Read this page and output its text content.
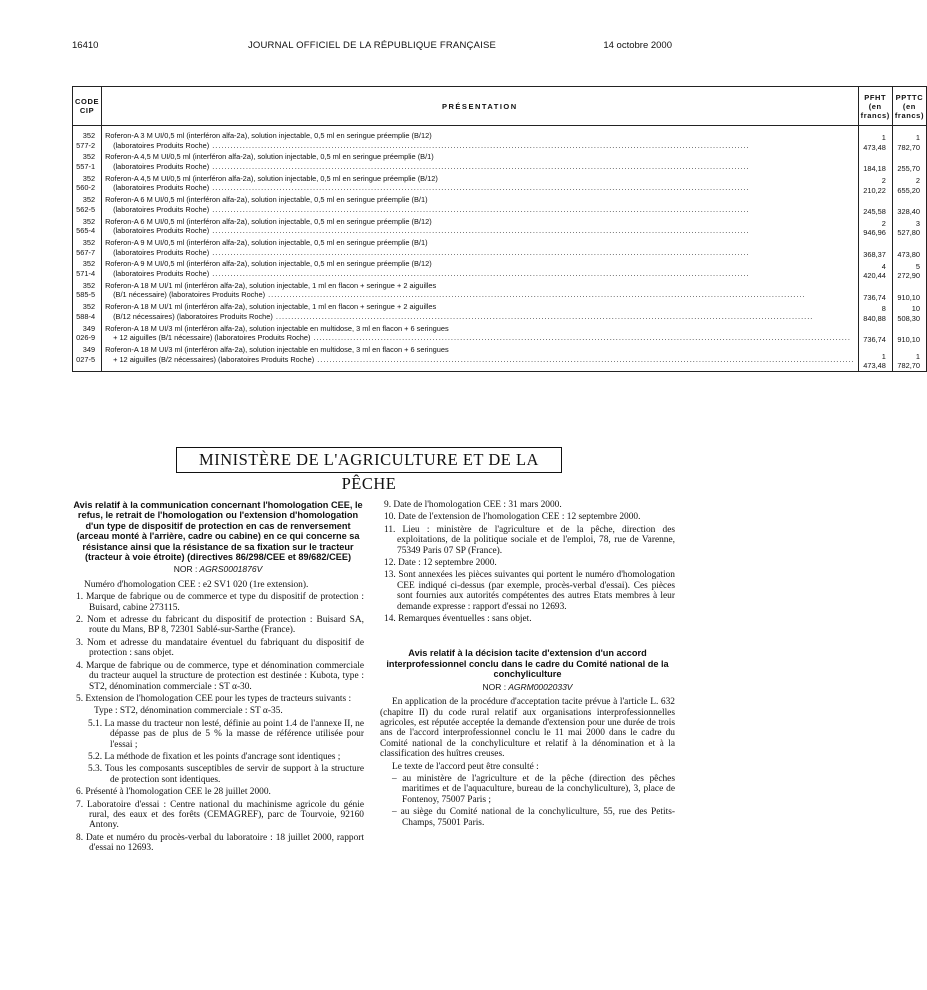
16410	JOURNAL OFFICIEL DE LA RÉPUBLIQUE FRANÇAISE	14 octobre 2000
CODE CIP	PRÉSENTATION	PFHT (en francs)	PPTTC (en francs)
352 577-2	Roferon-A 3 M UI/0,5 ml (interféron alfa-2a), solution injectable, 0,5 ml en seringue préemplie (B/12)
(laboratoires Produits Roche) .....	1 473,48	1 782,70
352 557-1	Roferon-A 4,5 M UI/0,5 ml (interféron alfa-2a), solution injectable, 0,5 ml en seringue préemplie (B/1)
(laboratoires Produits Roche) .....	184,18	255,70
352 560-2	Roferon-A 4,5 M UI/0,5 ml (interféron alfa-2a), solution injectable, 0,5 ml en seringue préemplie (B/12)
(laboratoires Produits Roche) .....	2 210,22	2 655,20
352 562-5	Roferon-A 6 M UI/0,5 ml (interféron alfa-2a), solution injectable, 0,5 ml en seringue préemplie (B/1)
(laboratoires Produits Roche) .....	245,58	328,40
352 565-4	Roferon-A 6 M UI/0,5 ml (interféron alfa-2a), solution injectable, 0,5 ml en seringue préemplie (B/12)
(laboratoires Produits Roche) .....	2 946,96	3 527,80
352 567-7	Roferon-A 9 M UI/0,5 ml (interféron alfa-2a), solution injectable, 0,5 ml en seringue préemplie (B/1)
(laboratoires Produits Roche) .....	368,37	473,80
352 571-4	Roferon-A 9 M UI/0,5 ml (interféron alfa-2a), solution injectable, 0,5 ml en seringue préemplie (B/12)
(laboratoires Produits Roche) .....	4 420,44	5 272,90
352 585-5	Roferon-A 18 M UI/1 ml (interféron alfa-2a), solution injectable, 1 ml en flacon + seringue + 2 aiguilles
(B/1 nécessaire) (laboratoires Produits Roche) .....	736,74	910,10
352 588-4	Roferon-A 18 M UI/1 ml (interféron alfa-2a), solution injectable, 1 ml en flacon + seringue + 2 aiguilles
(B/12 nécessaires) (laboratoires Produits Roche) .....	8 840,88	10 508,30
349 026-9	Roferon-A 18 M UI/3 ml (interféron alfa-2a), solution injectable en multidose, 3 ml en flacon + 6 seringues
+ 12 aiguilles (B/1 nécessaire) (laboratoires Produits Roche) .....	736,74	910,10
349 027-5	Roferon-A 18 M UI/3 ml (interféron alfa-2a), solution injectable en multidose, 3 ml en flacon + 6 seringues
+ 12 aiguilles (B/2 nécessaires) (laboratoires Produits Roche) .....	1 473,48	1 782,70
MINISTÈRE DE L'AGRICULTURE ET DE LA PÊCHE

Avis relatif à la communication concernant l'homologation CEE, le refus, le retrait de l'homologation ou l'extension d'homologation d'un type de dispositif de protection en cas de renversement (arceau monté à l'arrière, cadre ou cabine) en ce qui concerne sa résistance ainsi que la résistance de sa fixation sur le tracteur (tracteur à voie étroite) (directives 86/298/CEE et 89/682/CEE)

NOR : AGRS0001876V

Numéro d'homologation CEE : e2 SV1 020 (1re extension).

1. Marque de fabrique ou de commerce et type du dispositif de protection : Buisard, cabine 273115.

2. Nom et adresse du fabricant du dispositif de protection : Buisard SA, route du Mans, BP 8, 72301 Sablé-sur-Sarthe (France).

3. Nom et adresse du mandataire éventuel du fabriquant du dispositif de protection : sans objet.

4. Marque de fabrique ou de commerce, type et dénomination commerciale du tracteur auquel la structure de protection est destinée : Kubota, type : ST2, dénomination commerciale : ST α-30.

5. Extension de l'homologation CEE pour les types de tracteurs suivants :

Type : ST2, dénomination commerciale : ST α-35.

5.1. La masse du tracteur non lesté, définie au point 1.4 de l'annexe II, ne dépasse pas de plus de 5 % la masse de référence utilisée pour l'essai ;

5.2. La méthode de fixation et les points d'ancrage sont identiques ;

5.3. Tous les composants susceptibles de servir de support à la structure de protection sont identiques.

6. Présenté à l'homologation CEE le 28 juillet 2000.

7. Laboratoire d'essai : Centre national du machinisme agricole du génie rural, des eaux et des forêts (CEMAGREF), parc de Tourvoie, 92160 Antony.

8. Date et numéro du procès-verbal du laboratoire : 18 juillet 2000, rapport d'essai no 12693.

9. Date de l'homologation CEE : 31 mars 2000.

10. Date de l'extension de l'homologation CEE : 12 septembre 2000.

11. Lieu : ministère de l'agriculture et de la pêche, direction des exploitations, de la politique sociale et de l'emploi, 78, rue de Varenne, 75349 Paris 07 SP (France).

12. Date : 12 septembre 2000.

13. Sont annexées les pièces suivantes qui portent le numéro d'homologation CEE indiqué ci-dessus (par exemple, procès-verbal d'essai). Ces pièces sont fournies aux autorités compétentes des autres Etats membres à leur demande expresse : rapport d'essai no 12693.

14. Remarques éventuelles : sans objet.

Avis relatif à la décision tacite d'extension d'un accord interprofessionnel conclu dans le cadre du Comité national de la conchyliculture

NOR : AGRM0002033V

En application de la procédure d'acceptation tacite prévue à l'article L. 632 (chapitre II) du code rural relatif aux organisations interprofessionnelles agricoles, est réputée acceptée la demande d'extension pour une durée de trois ans de l'accord interprofessionnel conclu le 11 mai 2000 dans le cadre du Comité national de la conchyliculture et relatif à la dénomination et à la classification des huîtres creuses.

Le texte de l'accord peut être consulté :

– au ministère de l'agriculture et de la pêche (direction des pêches maritimes et de l'aquaculture, bureau de la conchyliculture), 3, place de Fontenoy, 75007 Paris ;

– au siège du Comité national de la conchyliculture, 55, rue des Petits-Champs, 75001 Paris.
